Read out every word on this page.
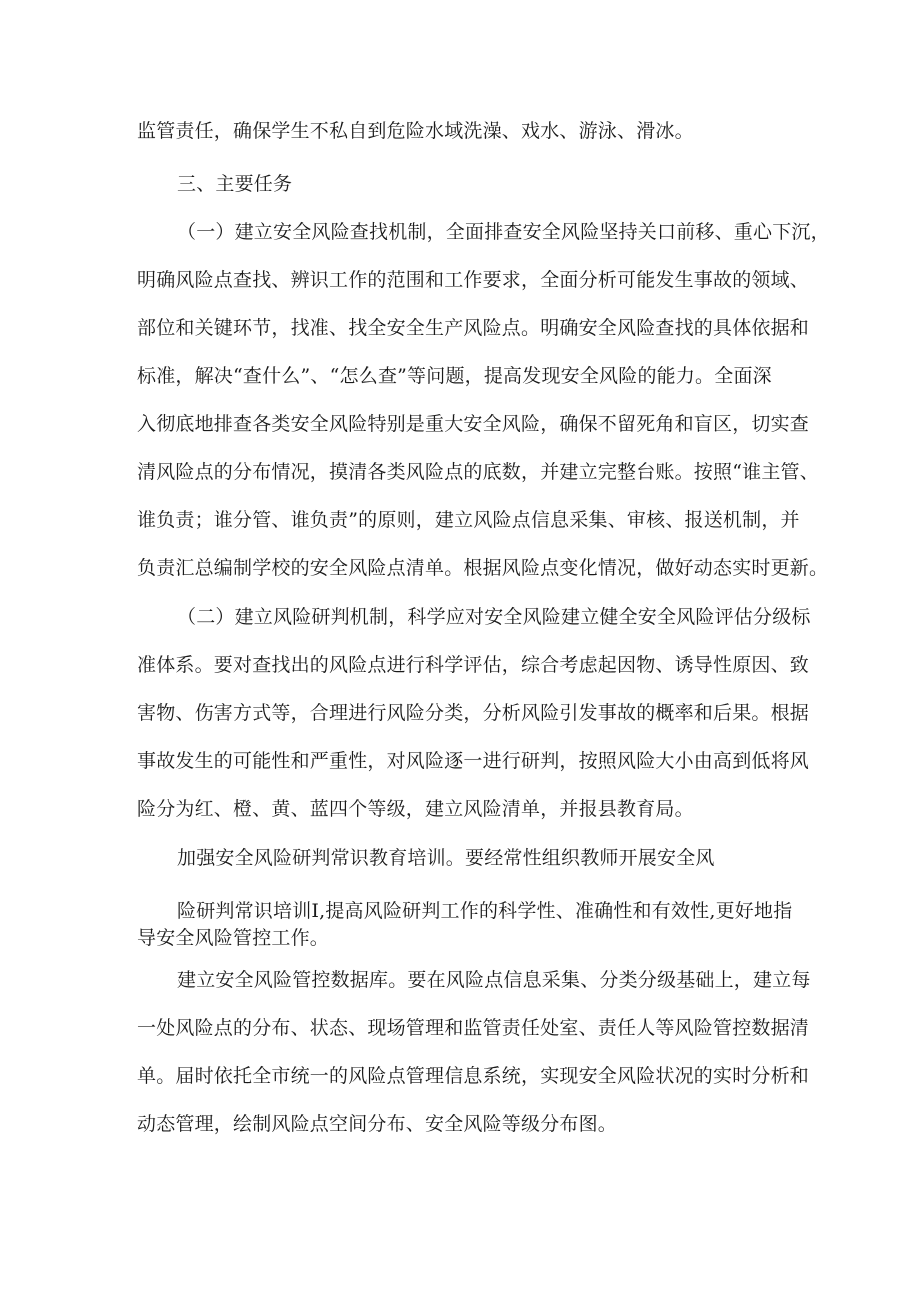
监管责任，确保学生不私自到危险水域洗澡、戏水、游泳、滑冰。
三、主要任务
（一）建立安全风险查找机制，全面排查安全风险坚持关口前移、重心下沉，
明确风险点查找、辨识工作的范围和工作要求，全面分析可能发生事故的领域、
部位和关键环节，找准、找全安全生产风险点。明确安全风险查找的具体依据和
标准，解决“查什么”、“怎么查”等问题，提高发现安全风险的能力。全面深
入彻底地排查各类安全风险特别是重大安全风险，确保不留死角和盲区，切实查
清风险点的分布情况，摸清各类风险点的底数，并建立完整台账。按照“谁主管、
谁负责；谁分管、谁负责”的原则，建立风险点信息采集、审核、报送机制，并
负责汇总编制学校的安全风险点清单。根据风险点变化情况，做好动态实时更新。
（二）建立风险研判机制，科学应对安全风险建立健全安全风险评估分级标
准体系。要对查找出的风险点进行科学评估，综合考虑起因物、诱导性原因、致
害物、伤害方式等，合理进行风险分类，分析风险引发事故的概率和后果。根据
事故发生的可能性和严重性，对风险逐一进行研判，按照风险大小由高到低将风
险分为红、橙、黄、蓝四个等级，建立风险清单，并报县教育局。
加强安全风险研判常识教育培训。要经常性组织教师开展安全风
险研判常识培训I,提高风险研判工作的科学性、准确性和有效性,更好地指
导安全风险管控工作。
建立安全风险管控数据库。要在风险点信息采集、分类分级基础上，建立每
一处风险点的分布、状态、现场管理和监管责任处室、责任人等风险管控数据清
单。届时依托全市统一的风险点管理信息系统，实现安全风险状况的实时分析和
动态管理，绘制风险点空间分布、安全风险等级分布图。
